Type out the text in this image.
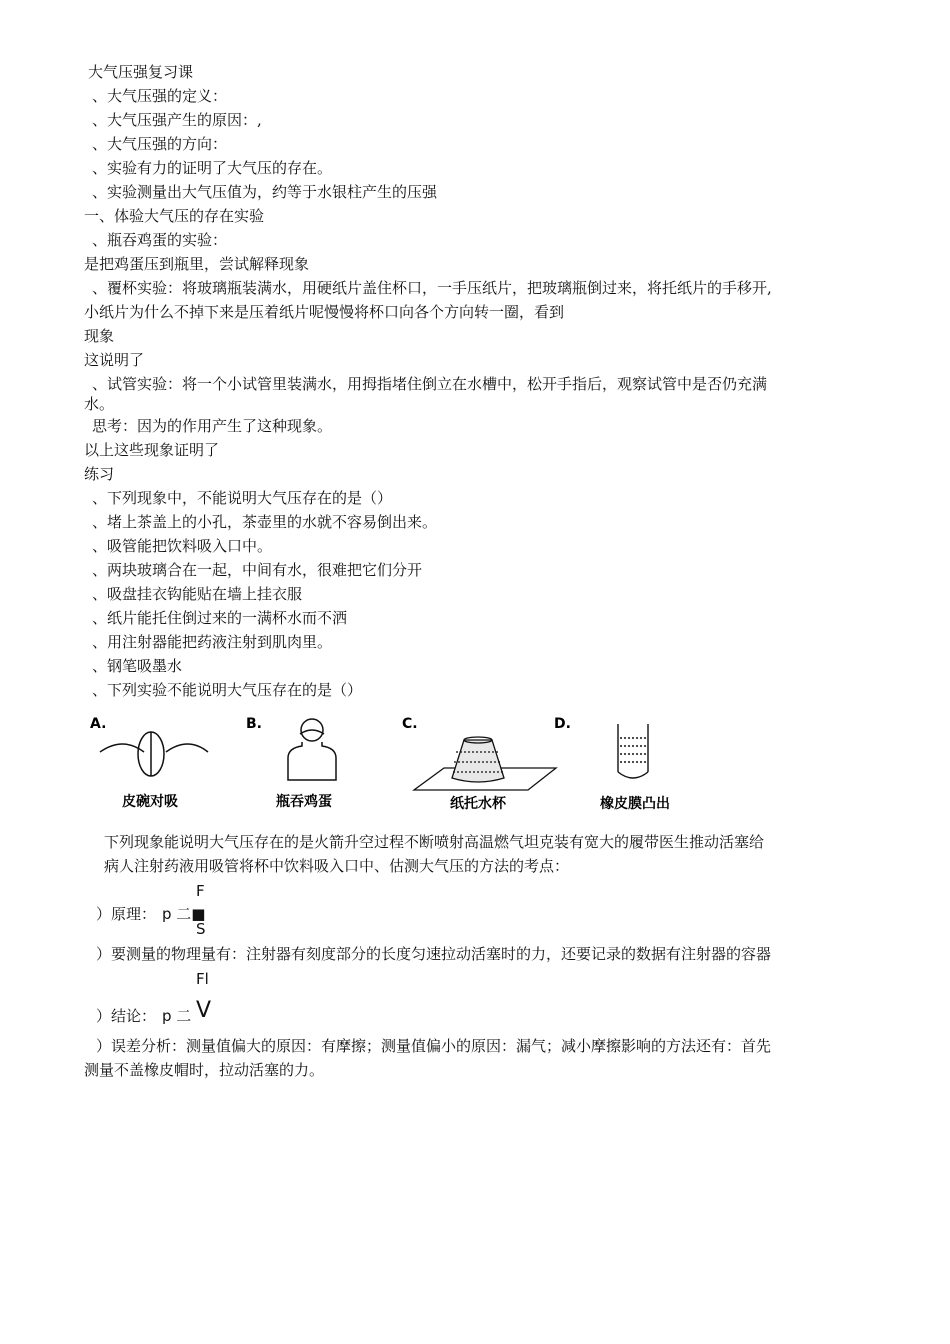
大气压强复习课
、大气压强的定义：
、大气压强产生的原因：,
、大气压强的方向：
、实验有力的证明了大气压的存在。
、实验测量出大气压值为，约等于水银柱产生的压强
一、体验大气压的存在实验
、瓶吞鸡蛋的实验：
是把鸡蛋压到瓶里，尝试解释现象
、覆杯实验：将玻璃瓶装满水，用硬纸片盖住杯口，一手压纸片，把玻璃瓶倒过来，将托纸片的手移开,
小纸片为什么不掉下来是压着纸片呢慢慢将杯口向各个方向转一圈，看到
现象
这说明了
、试管实验：将一个小试管里装满水，用拇指堵住倒立在水槽中，松开手指后，观察试管中是否仍充满
水。
思考：因为的作用产生了这种现象。
以上这些现象证明了
练习
、下列现象中，不能说明大气压存在的是（）
、堵上茶盖上的小孔，茶壶里的水就不容易倒出来。
、吸管能把饮料吸入口中。
、两块玻璃合在一起，中间有水，很难把它们分开
、吸盘挂衣钩能贴在墙上挂衣服
、纸片能托住倒过来的一满杯水而不洒
、用注射器能把药液注射到肌肉里。
、钢笔吸墨水
、下列实验不能说明大气压存在的是（）
A.	B.	C.	D.
皮碗对吸	瓶吞鸡蛋	纸托水杯	橡皮膜凸出
下列现象能说明大气压存在的是火箭升空过程不断喷射高温燃气坦克装有宽大的履带医生推动活塞给
病人注射药液用吸管将杯中饮料吸入口中、估测大气压的方法的考点：
F
）原理： p 二■
S
）要测量的物理量有：注射器有刻度部分的长度匀速拉动活塞时的力，还要记录的数据有注射器的容器
Fl
）结论： p 二 V
）误差分析：测量值偏大的原因：有摩擦；测量值偏小的原因：漏气；减小摩擦影响的方法还有：首先
测量不盖橡皮帽时，拉动活塞的力。
